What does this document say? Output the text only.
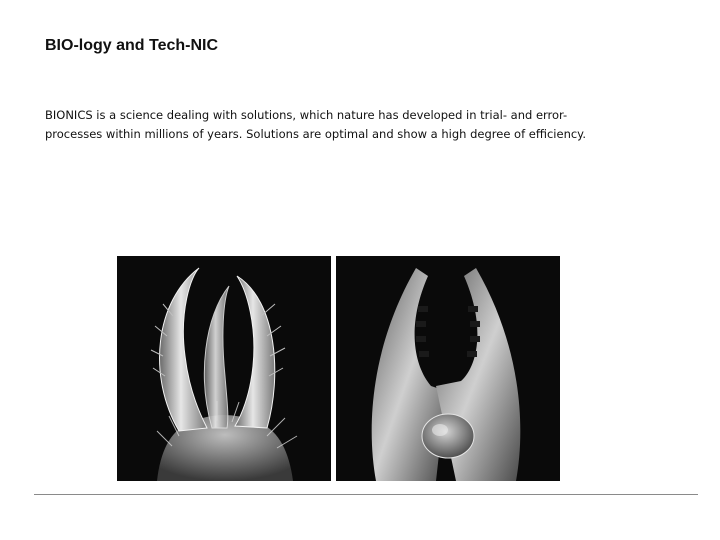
BIO-logy and Tech-NIC
BIONICS is a science dealing with solutions, which nature has developed in trial- and error-
processes within millions of years. Solutions are optimal and show a high degree of efficiency.
